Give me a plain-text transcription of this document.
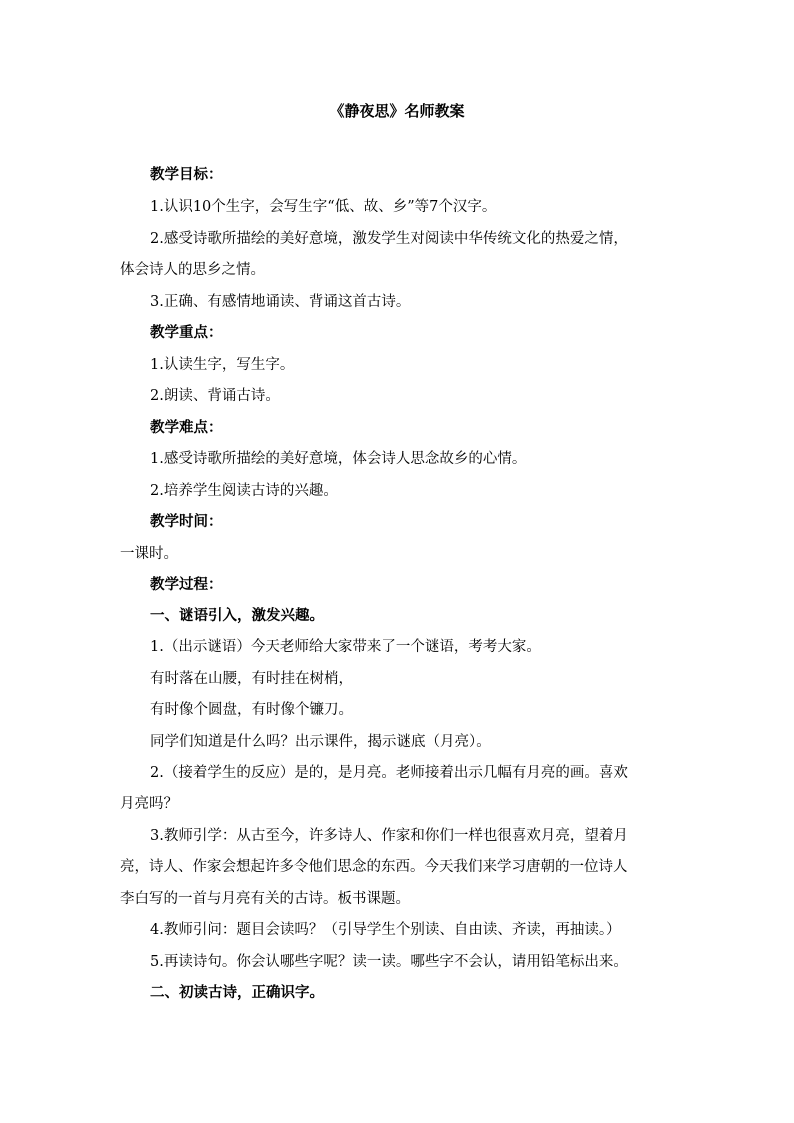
《静夜思》名师教案
教学目标：
1.认识10个生字，会写生字“低、故、乡”等7个汉字。
2.感受诗歌所描绘的美好意境，激发学生对阅读中华传统文化的热爱之情，
体会诗人的思乡之情。
3.正确、有感情地诵读、背诵这首古诗。
教学重点：
1.认读生字，写生字。
2.朗读、背诵古诗。
教学难点：
1.感受诗歌所描绘的美好意境，体会诗人思念故乡的心情。
2.培养学生阅读古诗的兴趣。
教学时间：
一课时。
教学过程：
一、谜语引入，激发兴趣。
1.（出示谜语）今天老师给大家带来了一个谜语，考考大家。
有时落在山腰，有时挂在树梢，
有时像个圆盘，有时像个镰刀。
同学们知道是什么吗？出示课件，揭示谜底（月亮）。
2.（接着学生的反应）是的，是月亮。老师接着出示几幅有月亮的画。喜欢
月亮吗？
3.教师引学：从古至今，许多诗人、作家和你们一样也很喜欢月亮，望着月
亮，诗人、作家会想起许多令他们思念的东西。今天我们来学习唐朝的一位诗人
李白写的一首与月亮有关的古诗。板书课题。
4.教师引问：题目会读吗？（引导学生个别读、自由读、齐读，再抽读。）
5.再读诗句。你会认哪些字呢？读一读。哪些字不会认，请用铅笔标出来。
二、初读古诗，正确识字。
